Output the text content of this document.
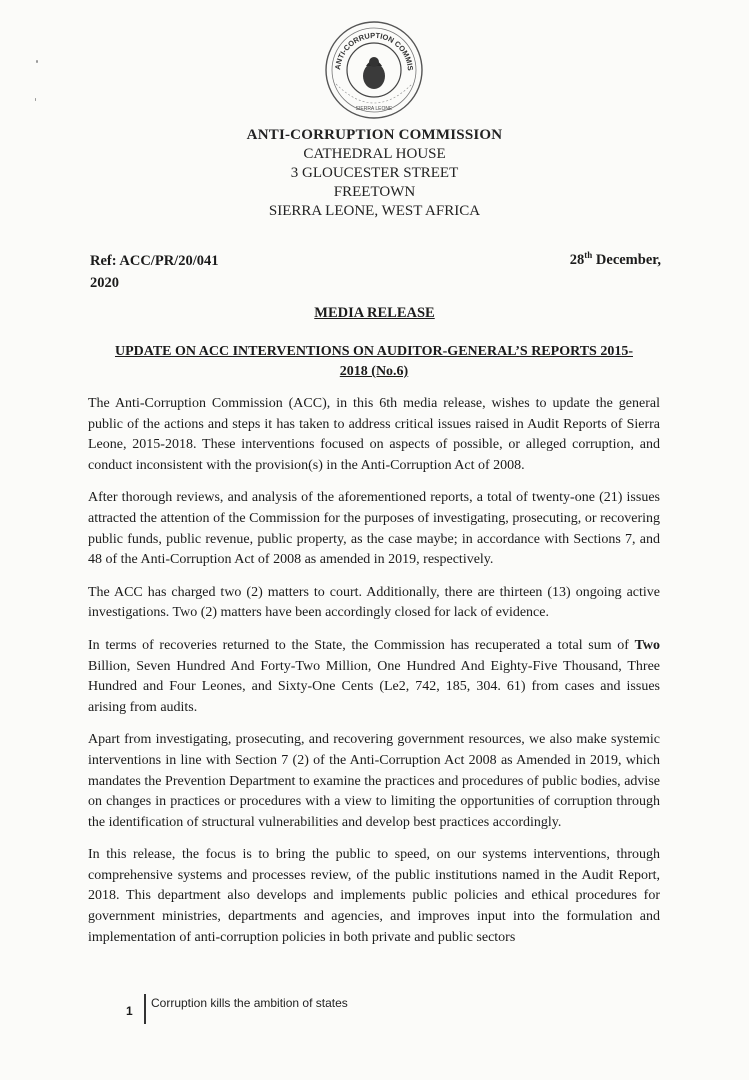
ANTI-CORRUPTION COMMIS
SIERRA LEONE
ANTI-CORRUPTION COMMISSION
CATHEDRAL HOUSE
3 GLOUCESTER STREET
FREETOWN
SIERRA LEONE, WEST AFRICA
Ref: ACC/PR/20/041
2020
28th December,
MEDIA RELEASE
UPDATE ON ACC INTERVENTIONS ON AUDITOR-GENERAL’S REPORTS 2015-
2018 (No.6)

The Anti-Corruption Commission (ACC), in this 6th media release, wishes to update the general public of the actions and steps it has taken to address critical issues raised in Audit Reports of Sierra Leone, 2015-2018. These interventions focused on aspects of possible, or alleged corruption, and conduct inconsistent with the provision(s) in the Anti-Corruption Act of 2008.

After thorough reviews, and analysis of the aforementioned reports, a total of twenty-one (21) issues attracted the attention of the Commission for the purposes of investigating, prosecuting, or recovering public funds, public revenue, public property, as the case maybe; in accordance with Sections 7, and 48 of the Anti-Corruption Act of 2008 as amended in 2019, respectively.

The ACC has charged two (2) matters to court. Additionally, there are thirteen (13) ongoing active investigations. Two (2) matters have been accordingly closed for lack of evidence.

In terms of recoveries returned to the State, the Commission has recuperated a total sum of Two Billion, Seven Hundred And Forty-Two Million, One Hundred And Eighty-Five Thousand, Three Hundred and Four Leones, and Sixty-One Cents (Le2, 742, 185, 304. 61) from cases and issues arising from audits.

Apart from investigating, prosecuting, and recovering government resources, we also make systemic interventions in line with Section 7 (2) of the Anti-Corruption Act 2008 as Amended in 2019, which mandates the Prevention Department to examine the practices and procedures of public bodies, advise on changes in practices or procedures with a view to limiting the opportunities of corruption through the identification of structural vulnerabilities and develop best practices accordingly.

In this release, the focus is to bring the public to speed, on our systems interventions, through comprehensive systems and processes review, of the public institutions named in the Audit Report, 2018. This department also develops and implements public policies and ethical procedures for government ministries, departments and agencies, and improves input into the formulation and implementation of anti-corruption policies in both private and public sectors

1
Corruption kills the ambition of states
